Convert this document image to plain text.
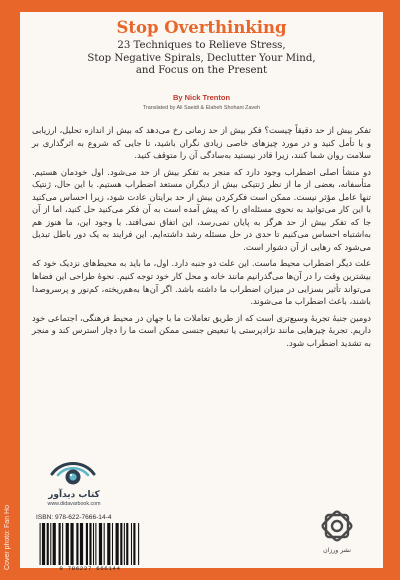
Cover photo: Fan Ho
Stop Overthinking
23 Techniques to Relieve Stress,
Stop Negative Spirals, Declutter Your Mind,
and Focus on the Present
By Nick Trenton
Translated by Ali Saeidi & Elaheh Shohani Zaveh

تفکر بیش از حد دقیقاً چیست؟ فکر بیش از حد زمانی رخ می‌دهد که بیش از اندازه تحلیل، ارزیابی و یا تأمل کنید و در مورد چیزهای خاصی زیادی نگران باشید، تا جایی که شروع به اثرگذاری بر سلامت روان شما کنند، زیرا قادر نیستید به‌سادگی آن را متوقف کنید.

دو منشأ اصلی اضطراب وجود دارد که منجر به تفکر بیش از حد می‌شود. اول خودمان هستیم. متأسفانه، بعضی از ما از نظر ژنتیکی بیش از دیگران مستعد اضطراب هستیم. با این حال، ژنتیک تنها عامل مؤثر نیست. ممکن است فکرکردن بیش از حد برایتان عادت شود، زیرا احساس می‌کنید با این کار می‌توانید به نحوی مسئله‌ای را که پیش آمده است به آن فکر می‌کنید حل کنید، اما از آن جا که تفکر بیش از حد هرگز به پایان نمی‌رسد، این اتفاق نمی‌افتد. با وجود این، ما هنوز هم به‌اشتباه احساس می‌کنیم تا حدی در حل مسئله رشد داشته‌ایم. این فرایند به یک دور باطل تبدیل می‌شود که رهایی از آن دشوار است.

علت دیگر اضطراب محیط ماست. این علت دو جنبه دارد. اول، ما باید به محیط‌های نزدیک خود که بیشترین وقت را در آن‌ها می‌گذرانیم مانند خانه و محل کار خود توجه کنیم. نحوهٔ طراحی این فضاها می‌تواند تأثیر بسزایی در میزان اضطراب ما داشته باشد. اگر آن‌ها به‌هم‌ریخته، کم‌نور و پرسروصدا باشند، باعث اضطراب ما می‌شوند.

دومین جنبهٔ تجربهٔ وسیع‌تری است که از طریق تعاملات ما با جهان در محیط فرهنگی، اجتماعی خود داریم. تجربهٔ چیزهایی مانند نژادپرستی یا تبعیض جنسی ممکن است ما را دچار استرس کند و منجر به تشدید اضطراب شود.

کتاب دیدآور
www.didavarbook.com
ISBN: 978-622-7666-14-4
9 786227 666144
نشر ورزان
